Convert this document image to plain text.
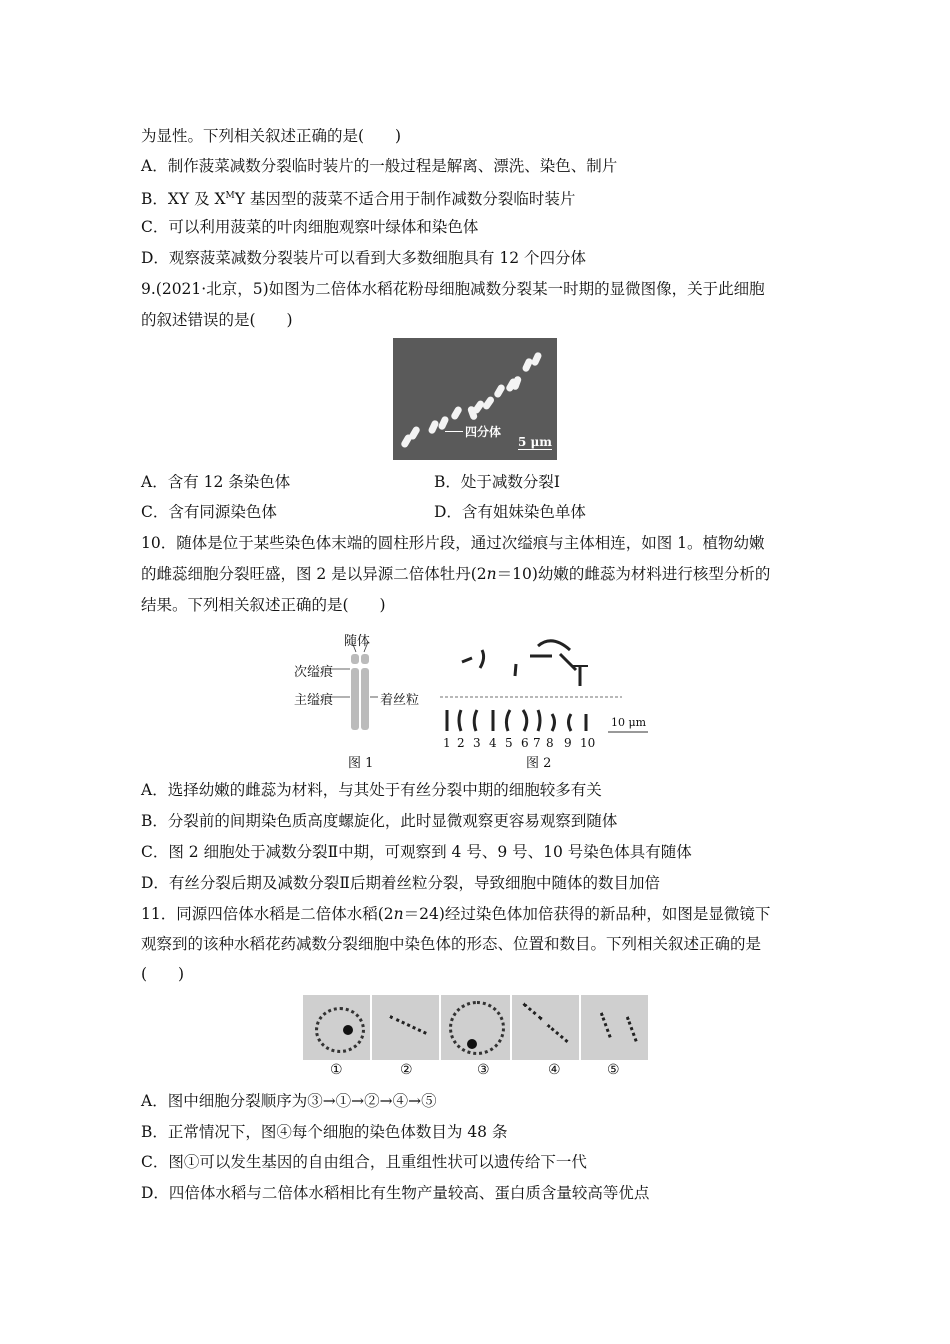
为显性。下列相关叙述正确的是(　　)
A．制作菠菜减数分裂临时装片的一般过程是解离、漂洗、染色、制片
B．XY 及 $X^MY$ 基因型的菠菜不适合用于制作减数分裂临时装片
C．可以利用菠菜的叶肉细胞观察叶绿体和染色体
D．观察菠菜减数分裂装片可以看到大多数细胞具有 12 个四分体
9.(2021·北京，5)如图为二倍体水稻花粉母细胞减数分裂某一时期的显微图像，关于此细胞
的叙述错误的是(　　)
四分体
5 μm
A．含有 12 条染色体	B．处于减数分裂Ⅰ
C．含有同源染色体	D．含有姐妹染色单体
10．随体是位于某些染色体末端的圆柱形片段，通过次缢痕与主体相连，如图 1。植物幼嫩
的雌蕊细胞分裂旺盛，图 2 是以异源二倍体牡丹(2n＝10)幼嫩的雌蕊为材料进行核型分析的
结果。下列相关叙述正确的是(　　)
随体
次缢痕
主缢痕	着丝粒
图 1	图 2
10 μm
1 2 3 4 5 6 7 8 9 10
A．选择幼嫩的雌蕊为材料，与其处于有丝分裂中期的细胞较多有关
B．分裂前的间期染色质高度螺旋化，此时显微观察更容易观察到随体
C．图 2 细胞处于减数分裂Ⅱ中期，可观察到 4 号、9 号、10 号染色体具有随体
D．有丝分裂后期及减数分裂Ⅱ后期着丝粒分裂，导致细胞中随体的数目加倍
11．同源四倍体水稻是二倍体水稻(2n＝24)经过染色体加倍获得的新品种，如图是显微镜下
观察到的该种水稻花药减数分裂细胞中染色体的形态、位置和数目。下列相关叙述正确的是
(　　)
①	②	③	④	⑤
A．图中细胞分裂顺序为③→①→②→④→⑤
B．正常情况下，图④每个细胞的染色体数目为 48 条
C．图①可以发生基因的自由组合，且重组性状可以遗传给下一代
D．四倍体水稻与二倍体水稻相比有生物产量较高、蛋白质含量较高等优点
